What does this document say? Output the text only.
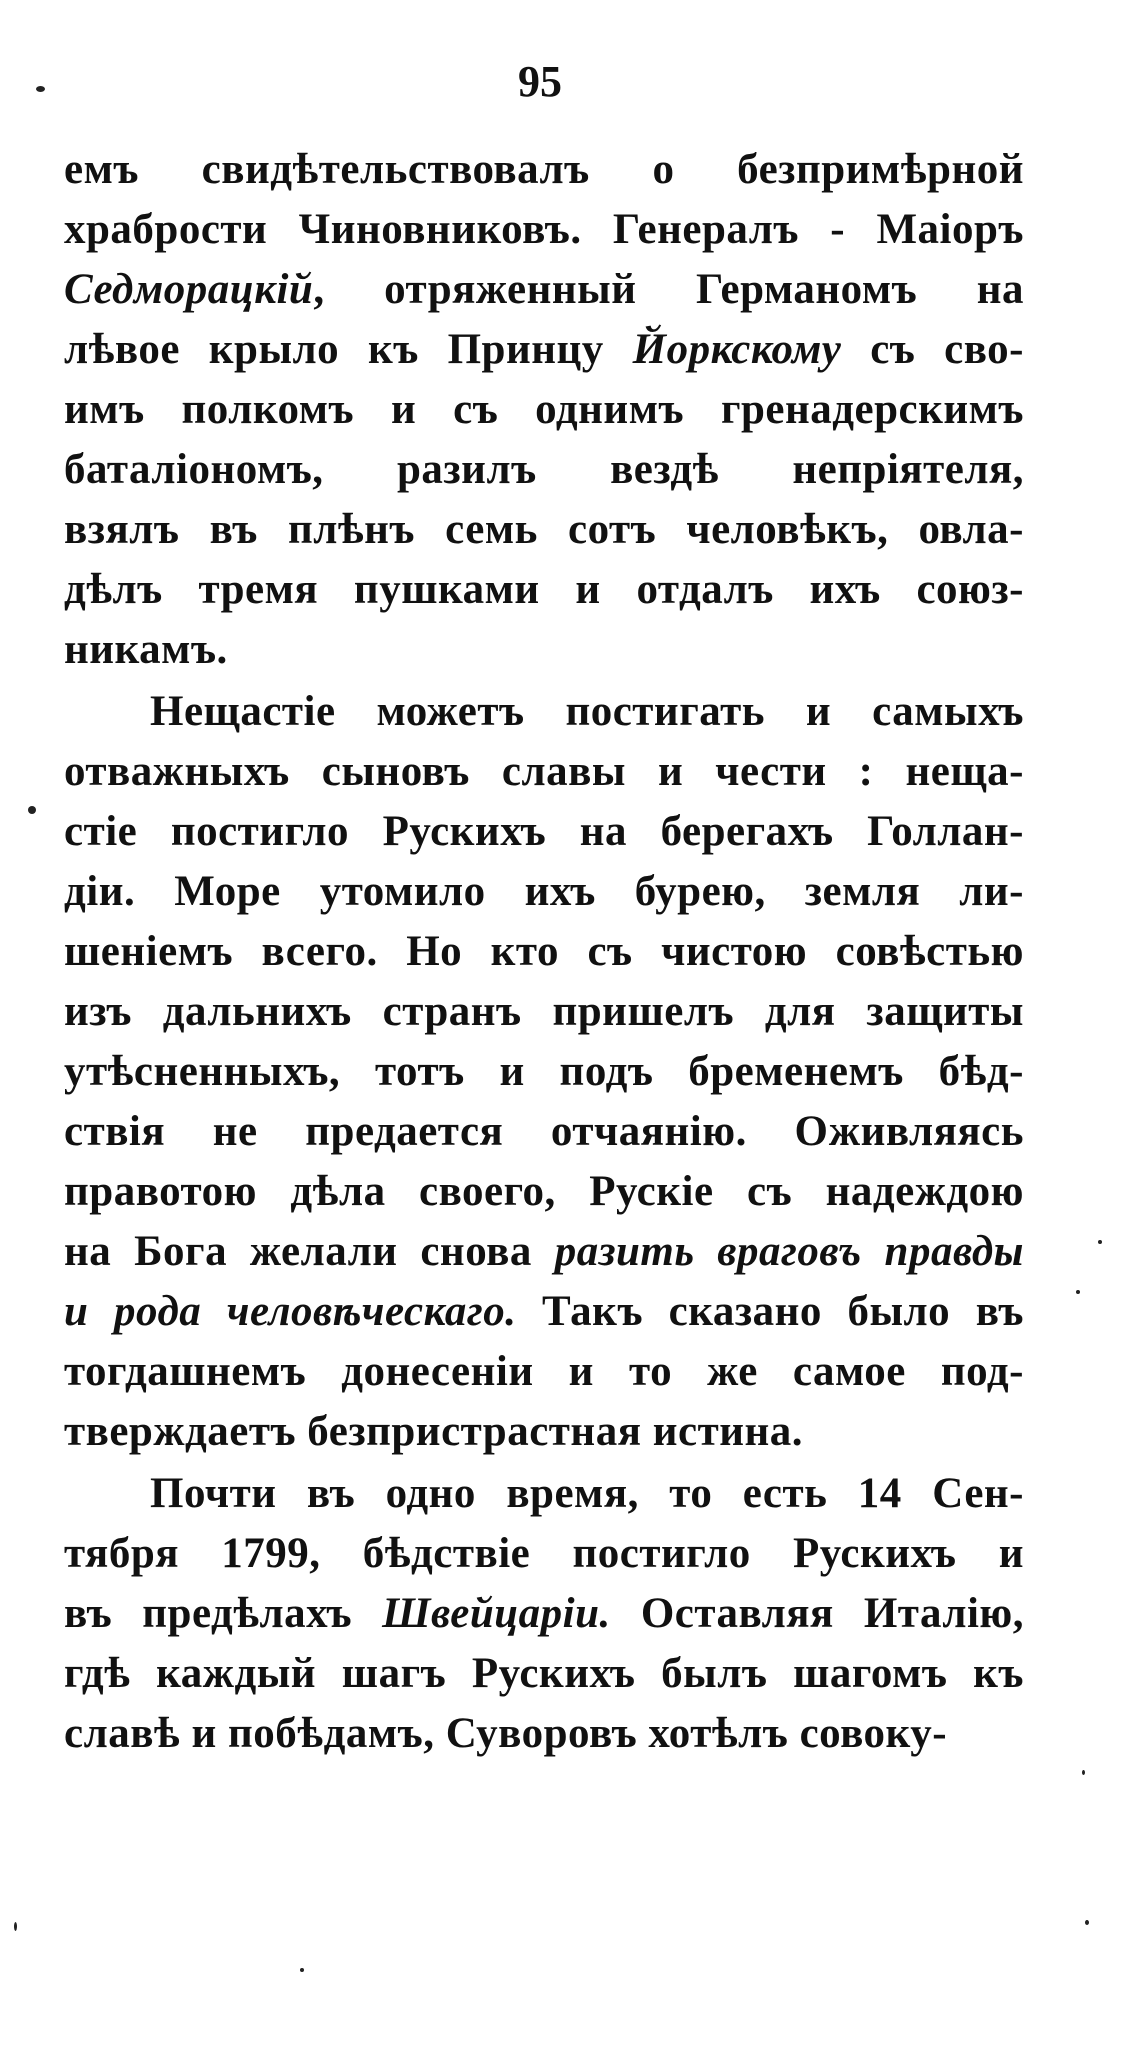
95
емъ свидѣтельствовалъ о безпримѣрной
храбрости Чиновниковъ. Генералъ - Маіоръ
Седморацкій, отряженный Германомъ на
лѣвое крыло къ Принцу Йоркскому съ сво-
имъ полкомъ и съ однимъ гренадерскимъ
баталіономъ, разилъ вездѣ непріятеля,
взялъ въ плѣнъ семь сотъ человѣкъ, овла-
дѣлъ тремя пушками и отдалъ ихъ союз-
никамъ.
Нещастіе можетъ постигать и самыхъ
отважныхъ сыновъ славы и чести : неща-
стіе постигло Рускихъ на берегахъ Голлан-
діи. Море утомило ихъ бурею, земля ли-
шеніемъ всего. Но кто съ чистою совѣстью
изъ дальнихъ странъ пришелъ для защиты
утѣсненныхъ, тотъ и подъ бременемъ бѣд-
ствія не предается отчаянію. Оживляясь
правотою дѣла своего, Рускіе съ надеждою
на Бога желали снова разить враговъ правды
и рода человѣческаго. Такъ сказано было въ
тогдашнемъ донесеніи и то же самое под-
тверждаетъ безпристрастная истина.
Почти въ одно время, то есть 14 Сен-
тября 1799, бѣдствіе постигло Рускихъ и
въ предѣлахъ Швейцаріи. Оставляя Италію,
гдѣ каждый шагъ Рускихъ былъ шагомъ къ
славѣ и побѣдамъ, Суворовъ хотѣлъ совоку-
